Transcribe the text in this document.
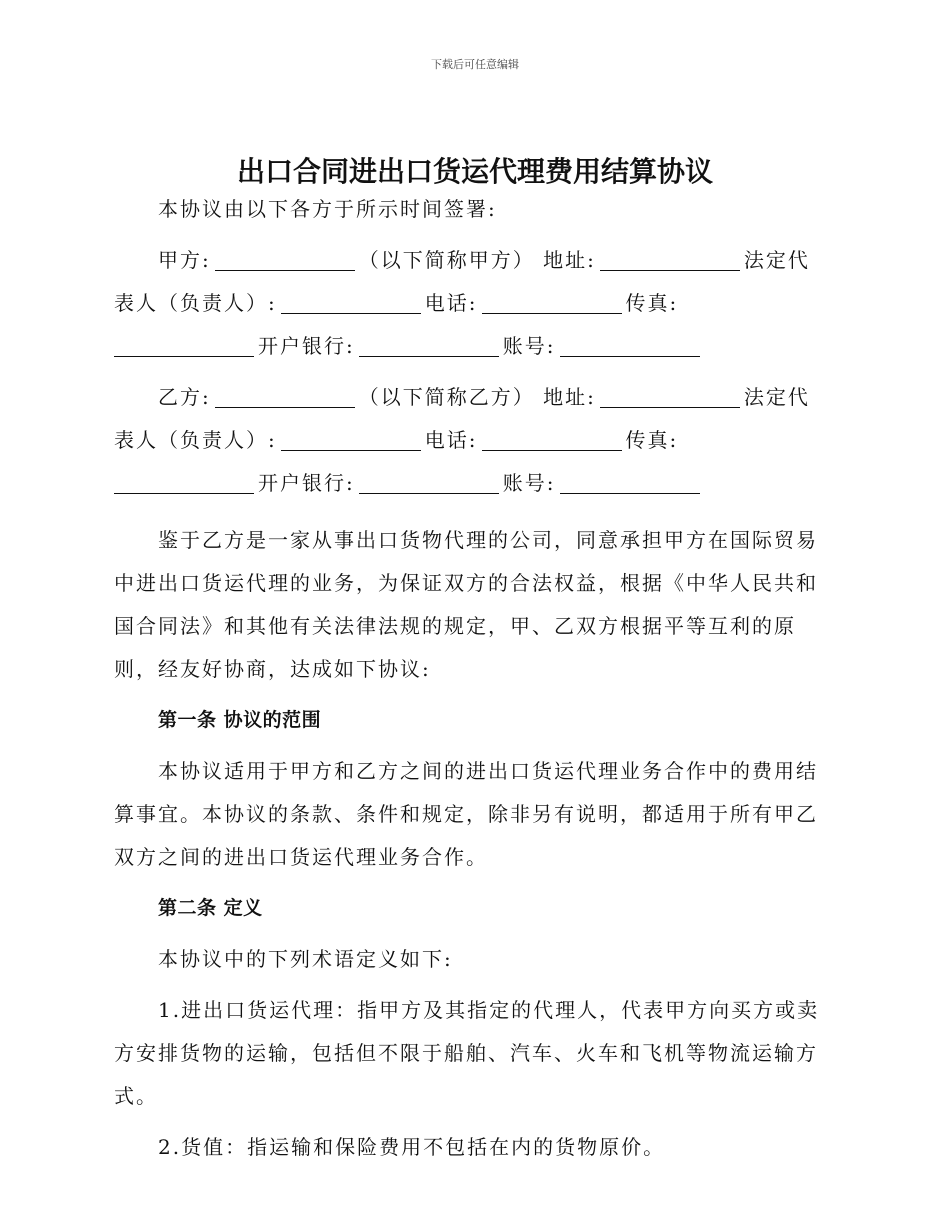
下载后可任意编辑
出口合同进出口货运代理费用结算协议

本协议由以下各方于所示时间签署:

甲方:	（以下简称甲方） 地址:	法定代
表人（负责人）:	电话:	传真:
开户银行:	账号:
乙方:	（以下简称乙方） 地址:	法定代
表人（负责人）:	电话:	传真:
开户银行:	账号:

鉴于乙方是一家从事出口货物代理的公司，同意承担甲方在国际贸易中进出口货运代理的业务，为保证双方的合法权益，根据《中华人民共和国合同法》和其他有关法律法规的规定，甲、乙双方根据平等互利的原则，经友好协商，达成如下协议:

第一条 协议的范围

本协议适用于甲方和乙方之间的进出口货运代理业务合作中的费用结算事宜。本协议的条款、条件和规定，除非另有说明，都适用于所有甲乙双方之间的进出口货运代理业务合作。

第二条 定义

本协议中的下列术语定义如下:

1.进出口货运代理：指甲方及其指定的代理人，代表甲方向买方或卖方安排货物的运输，包括但不限于船舶、汽车、火车和飞机等物流运输方式。

2.货值：指运输和保险费用不包括在内的货物原价。
